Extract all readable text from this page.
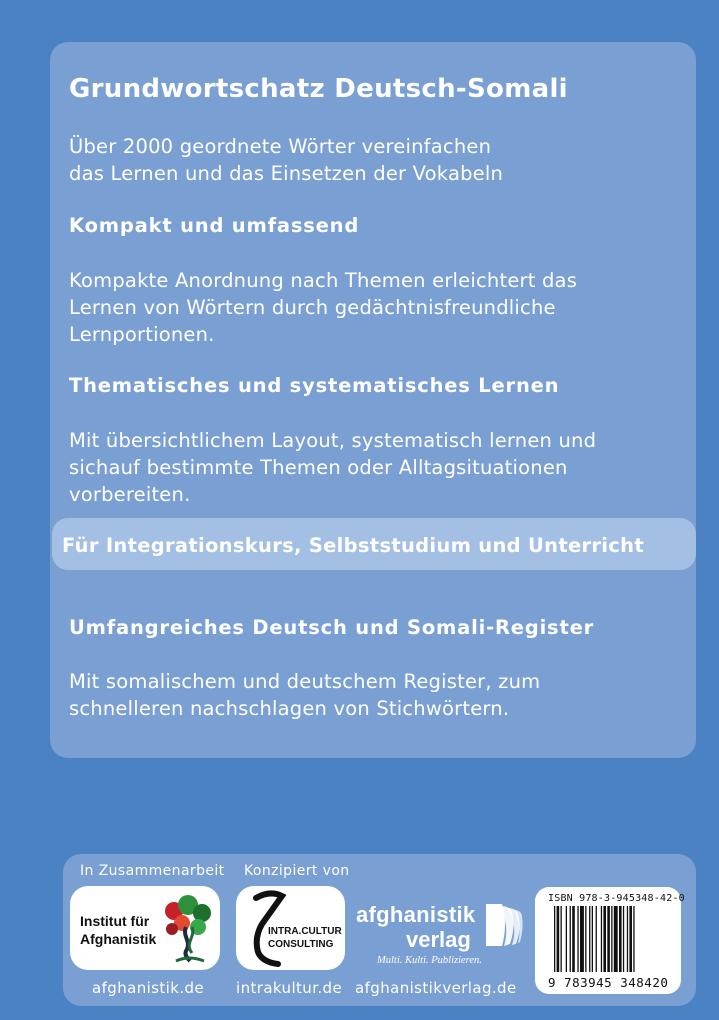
Grundwortschatz Deutsch-Somali

Über 2000 geordnete Wörter vereinfachen

das Lernen und das Einsetzen der Vokabeln

Kompakt und umfassend

Kompakte Anordnung nach Themen erleichtert das

Lernen von Wörtern durch gedächtnisfreundliche

Lernportionen.

Thematisches und systematisches Lernen

Mit übersichtlichem Layout, systematisch lernen und

sichauf bestimmte Themen oder Alltagsituationen

vorbereiten.

Für Integrationskurs, Selbststudium und Unterricht

Umfangreiches Deutsch und Somali-Register

Mit somalischem und deutschem Register, zum

schnelleren nachschlagen von Stichwörtern.

In Zusammenarbeit Konzipiert von
Institut für
Afghanistik	INTRA.CULTUR
CONSULTING
afghanistik
verlag
Multi. Kulti. Publizieren.
afghanistik.de intrakultur.de afghanistikverlag.de
ISBN 978-3-945348-42-0
9 783945 348420
